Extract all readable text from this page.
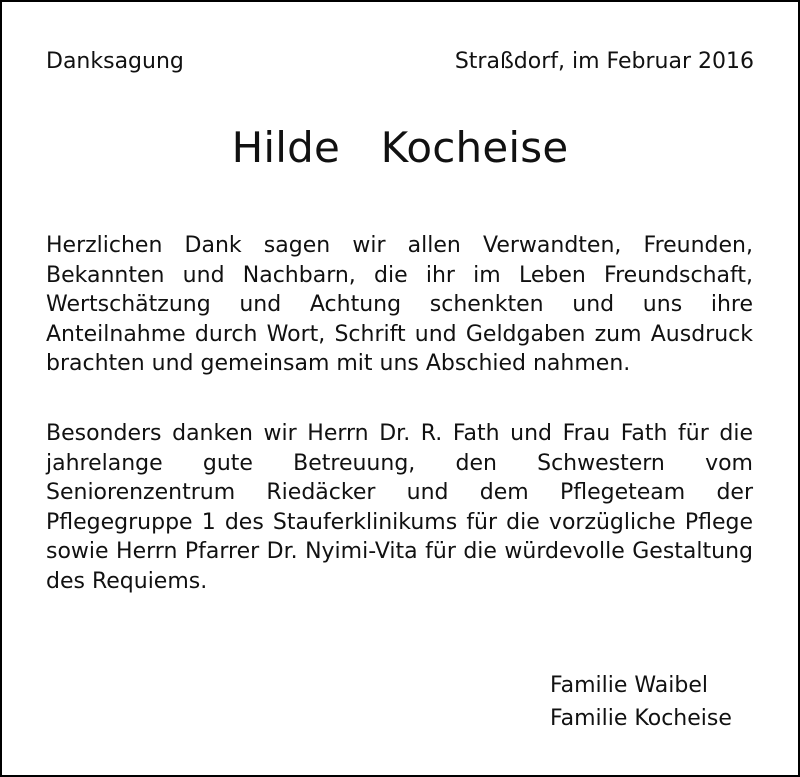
Danksagung	Straßdorf, im Februar 2016
Hilde   Kocheise
Herzlichen Dank sagen wir allen Verwandten, Freunden, Bekannten und Nachbarn, die ihr im Leben Freundschaft, Wertschätzung und Achtung schenkten und uns ihre Anteilnahme durch Wort, Schrift und Geldgaben zum Ausdruck brachten und gemeinsam mit uns Abschied nahmen.
Besonders danken wir Herrn Dr. R. Fath und Frau Fath für die jahrelange gute Betreuung, den Schwestern vom Seniorenzentrum Riedäcker und dem Pflegeteam der Pflegegruppe 1 des Stauferklinikums für die vorzügliche Pflege sowie Herrn Pfarrer Dr. Nyimi-Vita für die würdevolle Gestaltung des Requiems.
Familie Waibel
Familie Kocheise
